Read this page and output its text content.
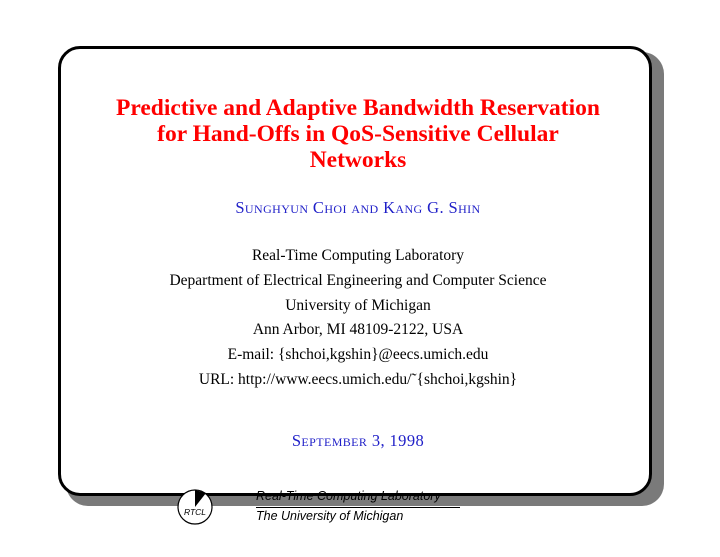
Predictive and Adaptive Bandwidth Reservation
for Hand-Offs in QoS-Sensitive Cellular
Networks
Sunghyun Choi and Kang G. Shin
Real-Time Computing Laboratory
Department of Electrical Engineering and Computer Science
University of Michigan
Ann Arbor, MI 48109-2122, USA
E-mail: {shchoi,kgshin}@eecs.umich.edu
URL: http://www.eecs.umich.edu/˜{shchoi,kgshin}
September 3, 1998
RTCL
Real-Time Computing Laboratory
The University of Michigan
